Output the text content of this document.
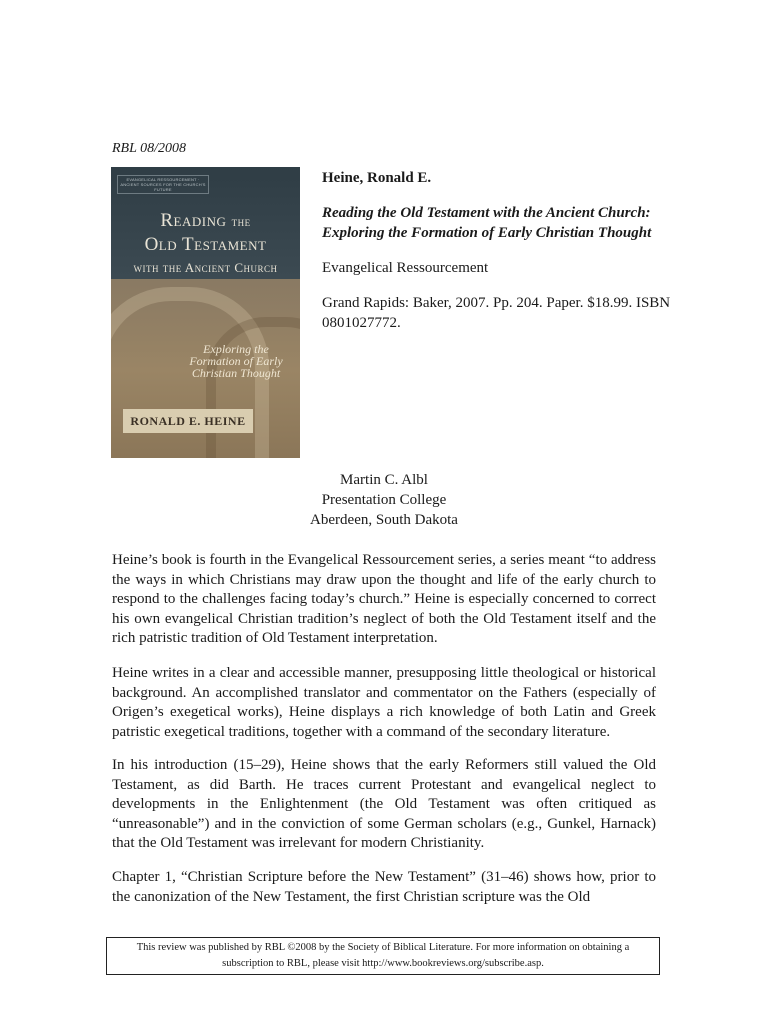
RBL 08/2008
EVANGELICAL RESSOURCEMENT · ANCIENT SOURCES FOR THE CHURCH'S FUTURE
Reading the
Old Testament
with the Ancient Church
Exploring the Formation of Early Christian Thought
RONALD E. HEINE
Heine, Ronald E.
Reading the Old Testament with the Ancient Church: Exploring the Formation of Early Christian Thought
Evangelical Ressourcement
Grand Rapids: Baker, 2007. Pp. 204. Paper. $18.99. ISBN 0801027772.
Martin C. Albl
Presentation College
Aberdeen, South Dakota
Heine’s book is fourth in the Evangelical Ressourcement series, a series meant “to address the ways in which Christians may draw upon the thought and life of the early church to respond to the challenges facing today’s church.” Heine is especially concerned to correct his own evangelical Christian tradition’s neglect of both the Old Testament itself and the rich patristic tradition of Old Testament interpretation.
Heine writes in a clear and accessible manner, presupposing little theological or historical background. An accomplished translator and commentator on the Fathers (especially of Origen’s exegetical works), Heine displays a rich knowledge of both Latin and Greek patristic exegetical traditions, together with a command of the secondary literature.
In his introduction (15–29), Heine shows that the early Reformers still valued the Old Testament, as did Barth. He traces current Protestant and evangelical neglect to developments in the Enlightenment (the Old Testament was often critiqued as “unreasonable”) and in the conviction of some German scholars (e.g., Gunkel, Harnack) that the Old Testament was irrelevant for modern Christianity.
Chapter 1, “Christian Scripture before the New Testament” (31–46) shows how, prior to the canonization of the New Testament, the first Christian scripture was the Old
This review was published by RBL ©2008 by the Society of Biblical Literature. For more information on obtaining a
subscription to RBL, please visit http://www.bookreviews.org/subscribe.asp.
